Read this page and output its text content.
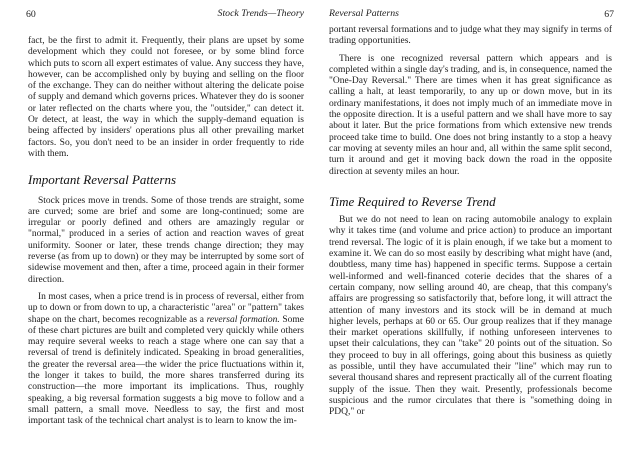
60	Stock Trends—Theory

fact, be the first to admit it. Frequently, their plans are upset by some development which they could not foresee, or by some blind force which puts to scorn all expert estimates of value. Any success they have, however, can be accomplished only by buying and selling on the floor of the exchange. They can do neither without altering the delicate poise of supply and demand which governs prices. Whatever they do is sooner or later reflected on the charts where you, the "outsider," can detect it. Or detect, at least, the way in which the supply-demand equation is being affected by insiders' operations plus all other prevailing market factors. So, you don't need to be an insider in order frequently to ride with them.

Important Reversal Patterns

Stock prices move in trends. Some of those trends are straight, some are curved; some are brief and some are long-continued; some are irregular or poorly defined and others are amazingly regular or "normal," produced in a series of action and reaction waves of great uniformity. Sooner or later, these trends change direction; they may reverse (as from up to down) or they may be interrupted by some sort of sidewise movement and then, after a time, proceed again in their former direction.

In most cases, when a price trend is in process of reversal, either from up to down or from down to up, a characteristic "area" or "pattern" takes shape on the chart, becomes recognizable as a reversal formation. Some of these chart pictures are built and completed very quickly while others may require several weeks to reach a stage where one can say that a reversal of trend is definitely indicated. Speaking in broad generalities, the greater the reversal area—the wider the price fluctuations within it, the longer it takes to build, the more shares transferred during its construction—the more important its implications. Thus, roughly speaking, a big reversal formation suggests a big move to follow and a small pattern, a small move. Needless to say, the first and most important task of the technical chart analyst is to learn to know the im-

Reversal Patterns	67

portant reversal formations and to judge what they may signify in terms of trading opportunities.

There is one recognized reversal pattern which appears and is completed within a single day's trading, and is, in consequence, named the "One-Day Reversal." There are times when it has great significance as calling a halt, at least temporarily, to any up or down move, but in its ordinary manifestations, it does not imply much of an immediate move in the opposite direction. It is a useful pattern and we shall have more to say about it later. But the price formations from which extensive new trends proceed take time to build. One does not bring instantly to a stop a heavy car moving at seventy miles an hour and, all within the same split second, turn it around and get it moving back down the road in the opposite direction at seventy miles an hour.

Time Required to Reverse Trend

But we do not need to lean on racing automobile analogy to explain why it takes time (and volume and price action) to produce an important trend reversal. The logic of it is plain enough, if we take but a moment to examine it. We can do so most easily by describing what might have (and, doubtless, many time has) happened in specific terms. Suppose a certain well-informed and well-financed coterie decides that the shares of a certain company, now selling around 40, are cheap, that this company's affairs are progressing so satisfactorily that, before long, it will attract the attention of many investors and its stock will be in demand at much higher levels, perhaps at 60 or 65. Our group realizes that if they manage their market operations skillfully, if nothing unforeseen intervenes to upset their calculations, they can "take" 20 points out of the situation. So they proceed to buy in all offerings, going about this business as quietly as possible, until they have accumulated their "line" which may run to several thousand shares and represent practically all of the current floating supply of the issue. Then they wait. Presently, professionals become suspicious and the rumor circulates that there is "something doing in PDQ," or
